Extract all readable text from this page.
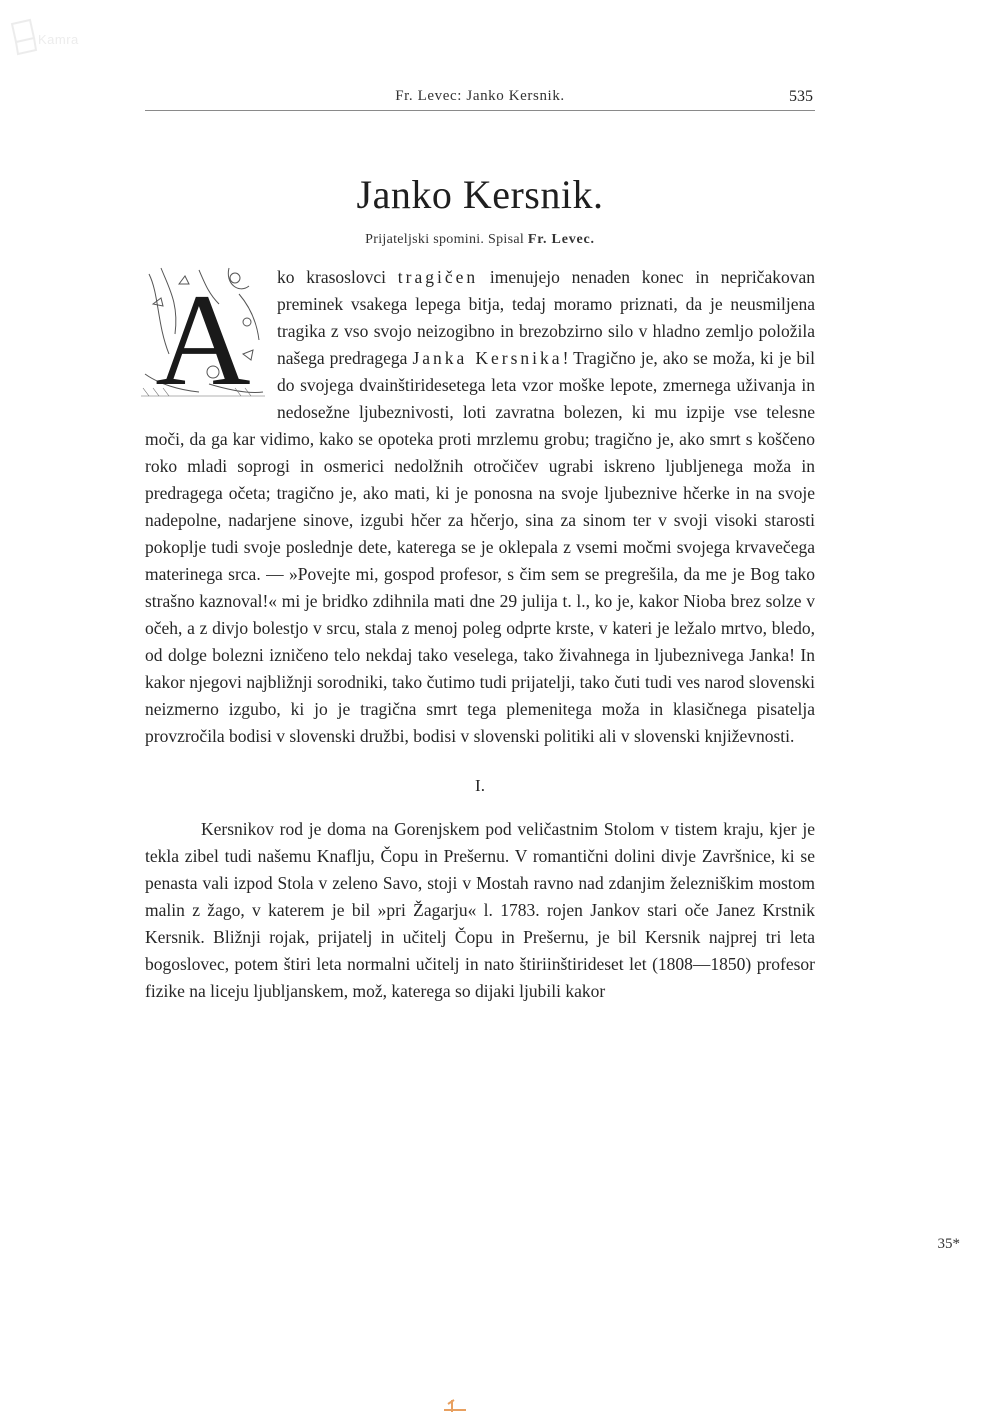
Kamra
Fr. Levec: Janko Kersnik.	535
Janko Kersnik.
Prijateljski spomini. Spisal Fr. Levec.
A ko krasoslovci tragičen imenujejo nenaden konec in nepričakovan preminek vsakega lepega bitja, tedaj moramo priznati, da je neusmiljena tragika z vso svojo neizogibno in brezobzirno silo v hladno zemljo položila našega predragega Janka Kersnika! Tragično je, ako se moža, ki je bil do svojega dvainštiridesetega leta vzor moške lepote, zmernega uživanja in nedosežne ljubeznivosti, loti zavratna bolezen, ki mu izpije vse telesne moči, da ga kar vidimo, kako se opoteka proti mrzlemu grobu; tragično je, ako smrt s koščeno roko mladi soprogi in osmerici nedolžnih otročičev ugrabi iskreno ljubljenega moža in predragega očeta; tragično je, ako mati, ki je ponosna na svoje ljubeznive hčerke in na svoje nadepolne, nadarjene sinove, izgubi hčer za hčerjo, sina za sinom ter v svoji visoki starosti pokoplje tudi svoje poslednje dete, katerega se je oklepala z vsemi močmi svojega krvavečega materinega srca. — »Povejte mi, gospod profesor, s čim sem se pregrešila, da me je Bog tako strašno kaznoval!« mi je bridko zdihnila mati dne 29 julija t. l., ko je, kakor Nioba brez solze v očeh, a z divjo bolestjo v srcu, stala z menoj poleg odprte krste, v kateri je ležalo mrtvo, bledo, od dolge bolezni izničeno telo nekdaj tako veselega, tako živahnega in ljubeznivega Janka! In kakor njegovi najbližnji sorodniki, tako čutimo tudi prijatelji, tako čuti tudi ves narod slovenski neizmerno izgubo, ki jo je tragična smrt tega plemenitega moža in klasičnega pisatelja provzročila bodisi v slovenski družbi, bodisi v slovenski politiki ali v slovenski književnosti.
I.
Kersnikov rod je doma na Gorenjskem pod veličastnim Stolom v tistem kraju, kjer je tekla zibel tudi našemu Knaflju, Čopu in Prešernu. V romantični dolini divje Završnice, ki se penasta vali izpod Stola v zeleno Savo, stoji v Mostah ravno nad zdanjim železniškim mostom malin z žago, v katerem je bil »pri Žagarju« l. 1783. rojen Jankov stari oče Janez Krstnik Kersnik. Bližnji rojak, prijatelj in učitelj Čopu in Prešernu, je bil Kersnik najprej tri leta bogoslovec, potem štiri leta normalni učitelj in nato štiriinštirideset let (1808—1850) profesor fizike na liceju ljubljanskem, mož, katerega so dijaki ljubili kakor
35*
